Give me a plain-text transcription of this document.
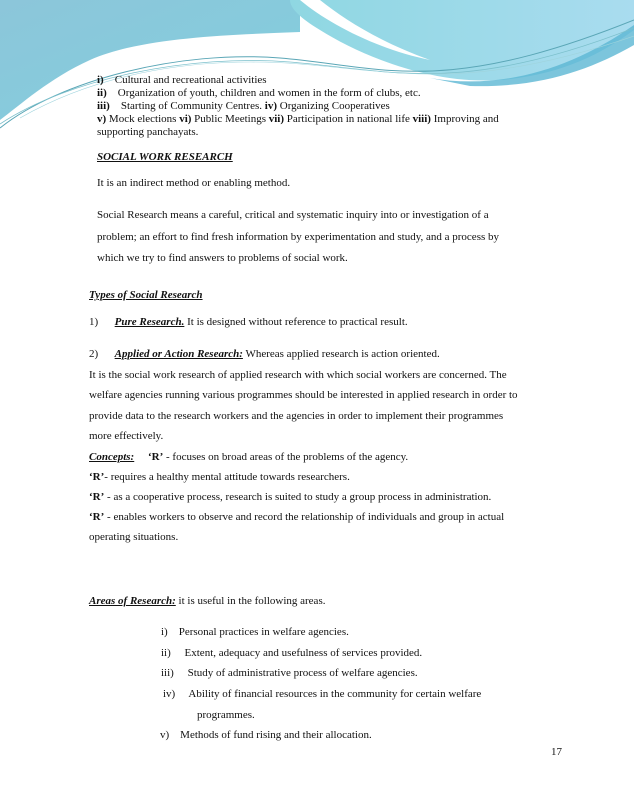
i) Cultural and recreational activities
ii) Organization of youth, children and women in the form of clubs, etc.
iii) Starting of Community Centres. iv) Organizing Cooperatives
v) Mock elections vi) Public Meetings vii) Participation in national life viii) Improving and
supporting panchayats.
SOCIAL WORK RESEARCH
It is an indirect method or enabling method.
Social Research means a careful, critical and systematic inquiry into or investigation of a
problem; an effort to find fresh information by experimentation and study, and a process by
which we try to find answers to problems of social work.
Types of Social Research
1) Pure Research. It is designed without reference to practical result.
2) Applied or Action Research: Whereas applied research is action oriented.
It is the social work research of applied research with which social workers are concerned. The
welfare agencies running various programmes should be interested in applied research in order to
provide data to the research workers and the agencies in order to implement their programmes
more effectively.
Concepts: ‘R’ - focuses on broad areas of the problems of the agency.
‘R’- requires a healthy mental attitude towards researchers.
‘R’ - as a cooperative process, research is suited to study a group process in administration.
‘R’ - enables workers to observe and record the relationship of individuals and group in actual
operating situations.
Areas of Research: it is useful in the following areas.
i) Personal practices in welfare agencies.
ii) Extent, adequacy and usefulness of services provided.
iii) Study of administrative process of welfare agencies.
iv) Ability of financial resources in the community for certain welfare
programmes.
v) Methods of fund rising and their allocation.
17
